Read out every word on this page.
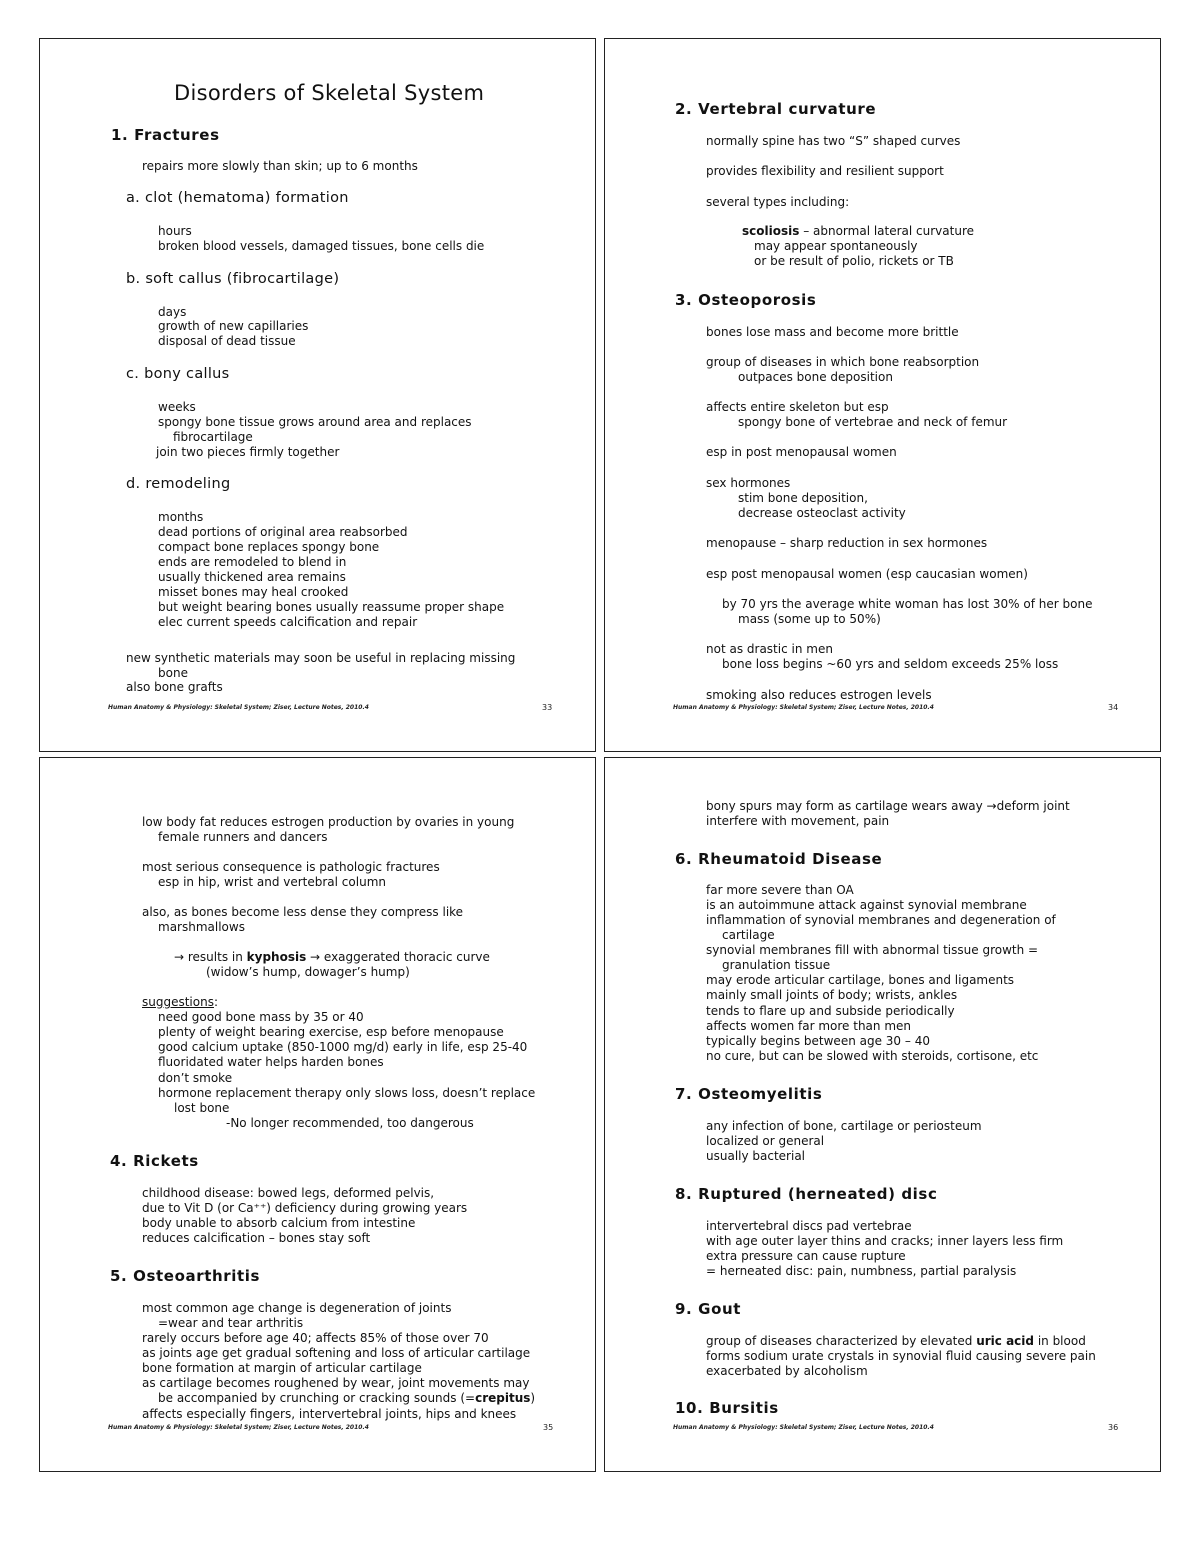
Disorders of Skeletal System
1. Fractures
repairs more slowly than skin; up to 6 months
a. clot (hematoma) formation
hours
broken blood vessels, damaged tissues, bone cells die
b. soft callus (fibrocartilage)
days
growth of new capillaries
disposal of dead tissue
c. bony callus
weeks
spongy bone tissue grows around area and replaces
fibrocartilage
join two pieces firmly together
d. remodeling
months
dead portions of original area reabsorbed
compact bone replaces spongy bone
ends are remodeled to blend in
usually thickened area remains
misset bones may heal crooked
but weight bearing bones usually reassume proper shape
elec current speeds calcification and repair
new synthetic materials may soon be useful in replacing missing
bone
also bone grafts
Human Anatomy & Physiology: Skeletal System; Ziser, Lecture Notes, 2010.4	33
2. Vertebral curvature
normally spine has two “S” shaped curves
provides flexibility and resilient support
several types including:
scoliosis – abnormal lateral curvature
may appear spontaneously
or be result of polio, rickets or TB
3. Osteoporosis
bones lose mass and become more brittle
group of diseases in which bone reabsorption
outpaces bone deposition
affects entire skeleton but esp
spongy bone of vertebrae and neck of femur
esp in post menopausal women
sex hormones
stim bone deposition,
decrease osteoclast activity
menopause – sharp reduction in sex hormones
esp post menopausal women (esp caucasian women)
by 70 yrs the average white woman has lost 30% of her bone
mass (some up to 50%)
not as drastic in men
bone loss begins ~60 yrs and seldom exceeds 25% loss
smoking also reduces estrogen levels
Human Anatomy & Physiology: Skeletal System; Ziser, Lecture Notes, 2010.4	34
low body fat reduces estrogen production by ovaries in young
female runners and dancers
most serious consequence is pathologic fractures
esp in hip, wrist and vertebral column
also, as bones become less dense they compress like
marshmallows
→ results in kyphosis → exaggerated thoracic curve
(widow’s hump, dowager’s hump)
suggestions:
need good bone mass by 35 or 40
plenty of weight bearing exercise, esp before menopause
good calcium uptake (850-1000 mg/d) early in life, esp 25-40
fluoridated water helps harden bones
don’t smoke
hormone replacement therapy only slows loss, doesn’t replace
lost bone
-No longer recommended, too dangerous
4. Rickets
childhood disease: bowed legs, deformed pelvis,
due to Vit D (or Ca⁺⁺) deficiency during growing years
body unable to absorb calcium from intestine
reduces calcification – bones stay soft
5. Osteoarthritis
most common age change is degeneration of joints
=wear and tear arthritis
rarely occurs before age 40; affects 85% of those over 70
as joints age get gradual softening and loss of articular cartilage
bone formation at margin of articular cartilage
as cartilage becomes roughened by wear, joint movements may
be accompanied by crunching or cracking sounds (=crepitus)
affects especially fingers, intervertebral joints, hips and knees
Human Anatomy & Physiology: Skeletal System; Ziser, Lecture Notes, 2010.4	35
bony spurs may form as cartilage wears away →deform joint
interfere with movement, pain
6. Rheumatoid Disease
far more severe than OA
is an autoimmune attack against synovial membrane
inflammation of synovial membranes and degeneration of
cartilage
synovial membranes fill with abnormal tissue growth =
granulation tissue
may erode articular cartilage, bones and ligaments
mainly small joints of body; wrists, ankles
tends to flare up and subside periodically
affects women far more than men
typically begins between age 30 – 40
no cure, but can be slowed with steroids, cortisone, etc
7. Osteomyelitis
any infection of bone, cartilage or periosteum
localized or general
usually bacterial
8. Ruptured (herneated) disc
intervertebral discs pad vertebrae
with age outer layer thins and cracks; inner layers less firm
extra pressure can cause rupture
= herneated disc: pain, numbness, partial paralysis
9. Gout
group of diseases characterized by elevated uric acid in blood
forms sodium urate crystals in synovial fluid causing severe pain
exacerbated by alcoholism
10. Bursitis
Human Anatomy & Physiology: Skeletal System; Ziser, Lecture Notes, 2010.4	36
